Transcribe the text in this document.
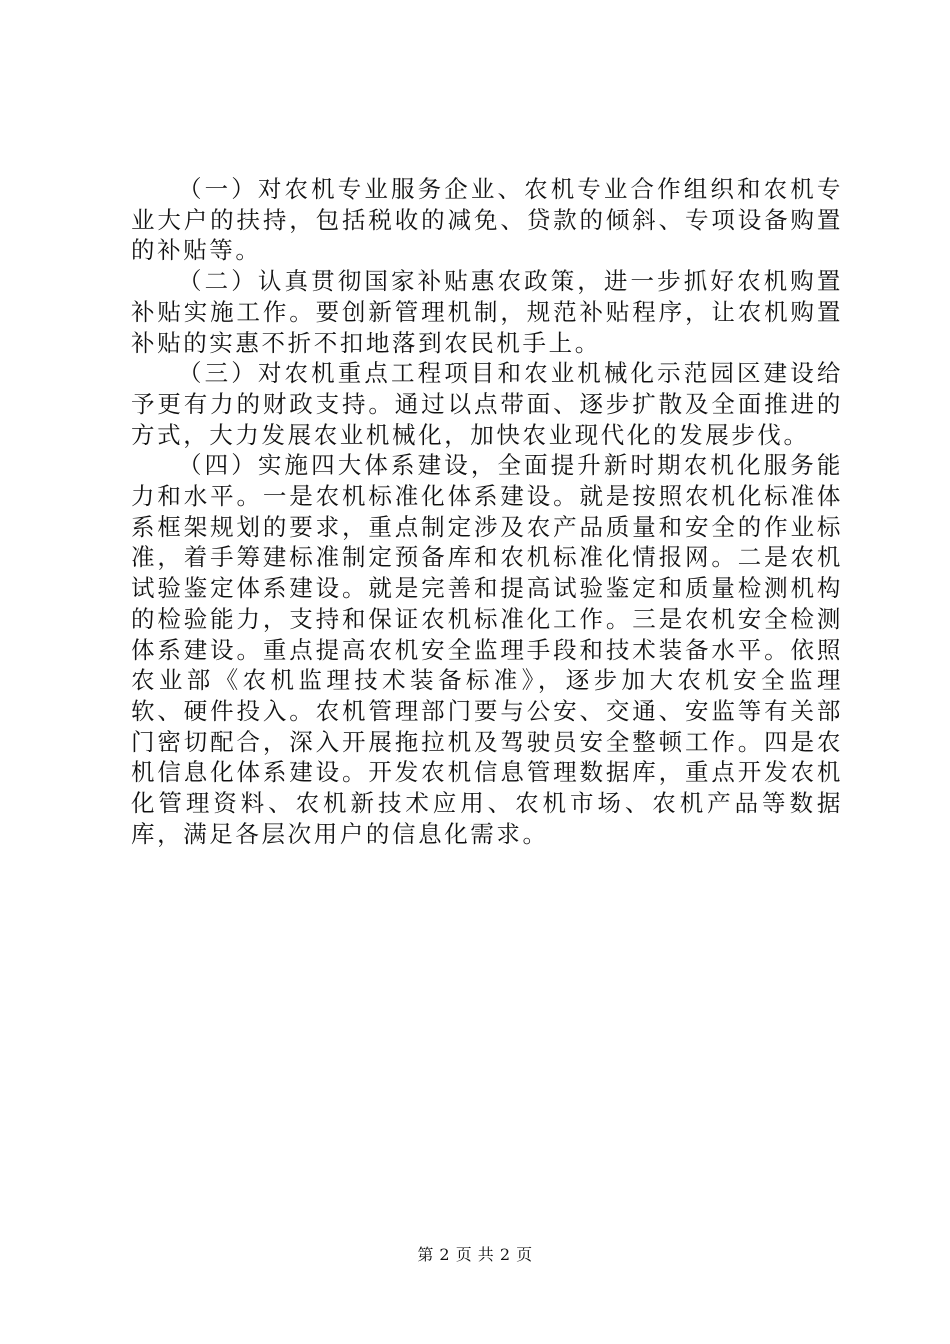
（一）对农机专业服务企业、农机专业合作组织和农机专业大户的扶持，包括税收的减免、贷款的倾斜、专项设备购置的补贴等。

（二）认真贯彻国家补贴惠农政策，进一步抓好农机购置补贴实施工作。要创新管理机制，规范补贴程序，让农机购置补贴的实惠不折不扣地落到农民机手上。

（三）对农机重点工程项目和农业机械化示范园区建设给予更有力的财政支持。通过以点带面、逐步扩散及全面推进的方式，大力发展农业机械化，加快农业现代化的发展步伐。

（四）实施四大体系建设，全面提升新时期农机化服务能力和水平。一是农机标准化体系建设。就是按照农机化标准体系框架规划的要求，重点制定涉及农产品质量和安全的作业标准，着手筹建标准制定预备库和农机标准化情报网。二是农机试验鉴定体系建设。就是完善和提高试验鉴定和质量检测机构的检验能力，支持和保证农机标准化工作。三是农机安全检测体系建设。重点提高农机安全监理手段和技术装备水平。依照农业部《农机监理技术装备标准》，逐步加大农机安全监理软、硬件投入。农机管理部门要与公安、交通、安监等有关部门密切配合，深入开展拖拉机及驾驶员安全整顿工作。四是农机信息化体系建设。开发农机信息管理数据库，重点开发农机化管理资料、农机新技术应用、农机市场、农机产品等数据库，满足各层次用户的信息化需求。

第 2 页 共 2 页
